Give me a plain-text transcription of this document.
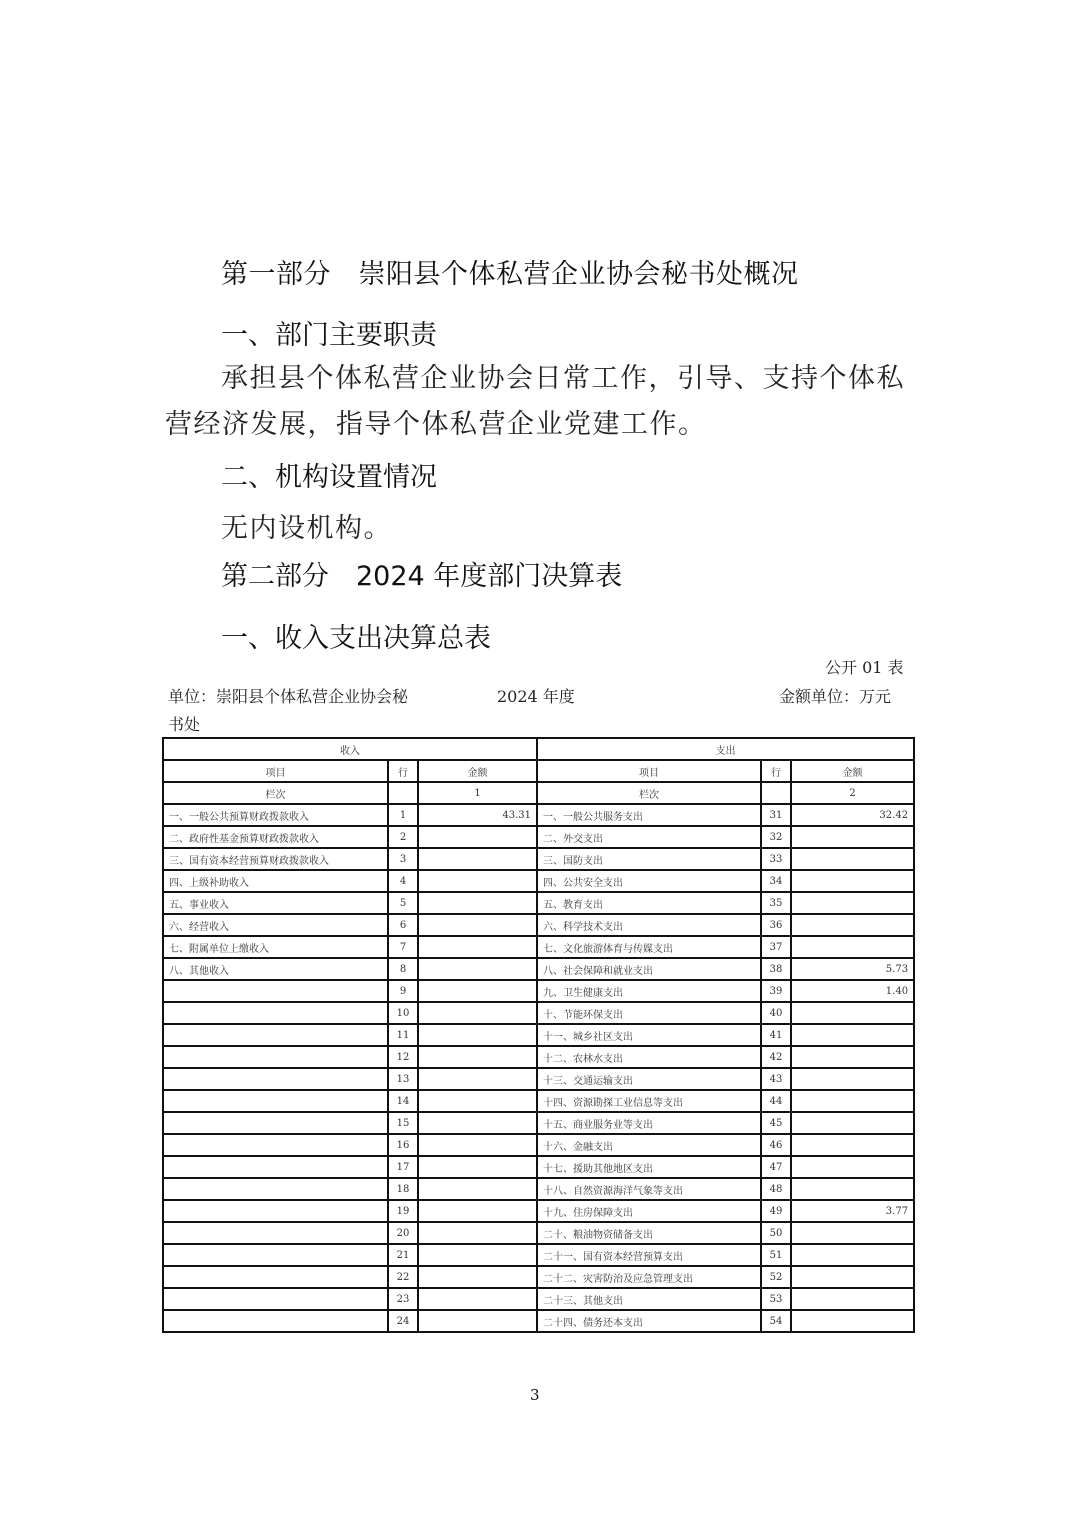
第一部分　崇阳县个体私营企业协会秘书处概况
一、部门主要职责
承担县个体私营企业协会日常工作，引导、支持个体私营经济发展，指导个体私营企业党建工作。
二、机构设置情况
无内设机构。
第二部分　2024 年度部门决算表
一、收入支出决算总表
公开 01 表
单位：崇阳县个体私营企业协会秘
书处
2024 年度	金额单位：万元
收入			支出		
项目	行	金额	项目	行	金额
栏次		1	栏次		2
一、一般公共预算财政拨款收入	1	43.31	一、一般公共服务支出	31	32.42
二、政府性基金预算财政拨款收入	2		二、外交支出	32	
三、国有资本经营预算财政拨款收入	3		三、国防支出	33	
四、上级补助收入	4		四、公共安全支出	34	
五、事业收入	5		五、教育支出	35	
六、经营收入	6		六、科学技术支出	36	
七、附属单位上缴收入	7		七、文化旅游体育与传媒支出	37	
八、其他收入	8		八、社会保障和就业支出	38	5.73
	9		九、卫生健康支出	39	1.40
	10		十、节能环保支出	40	
	11		十一、城乡社区支出	41	
	12		十二、农林水支出	42	
	13		十三、交通运输支出	43	
	14		十四、资源勘探工业信息等支出	44	
	15		十五、商业服务业等支出	45	
	16		十六、金融支出	46	
	17		十七、援助其他地区支出	47	
	18		十八、自然资源海洋气象等支出	48	
	19		十九、住房保障支出	49	3.77
	20		二十、粮油物资储备支出	50	
	21		二十一、国有资本经营预算支出	51	
	22		二十二、灾害防治及应急管理支出	52	
	23		二十三、其他支出	53	
	24		二十四、债务还本支出	54	
3
